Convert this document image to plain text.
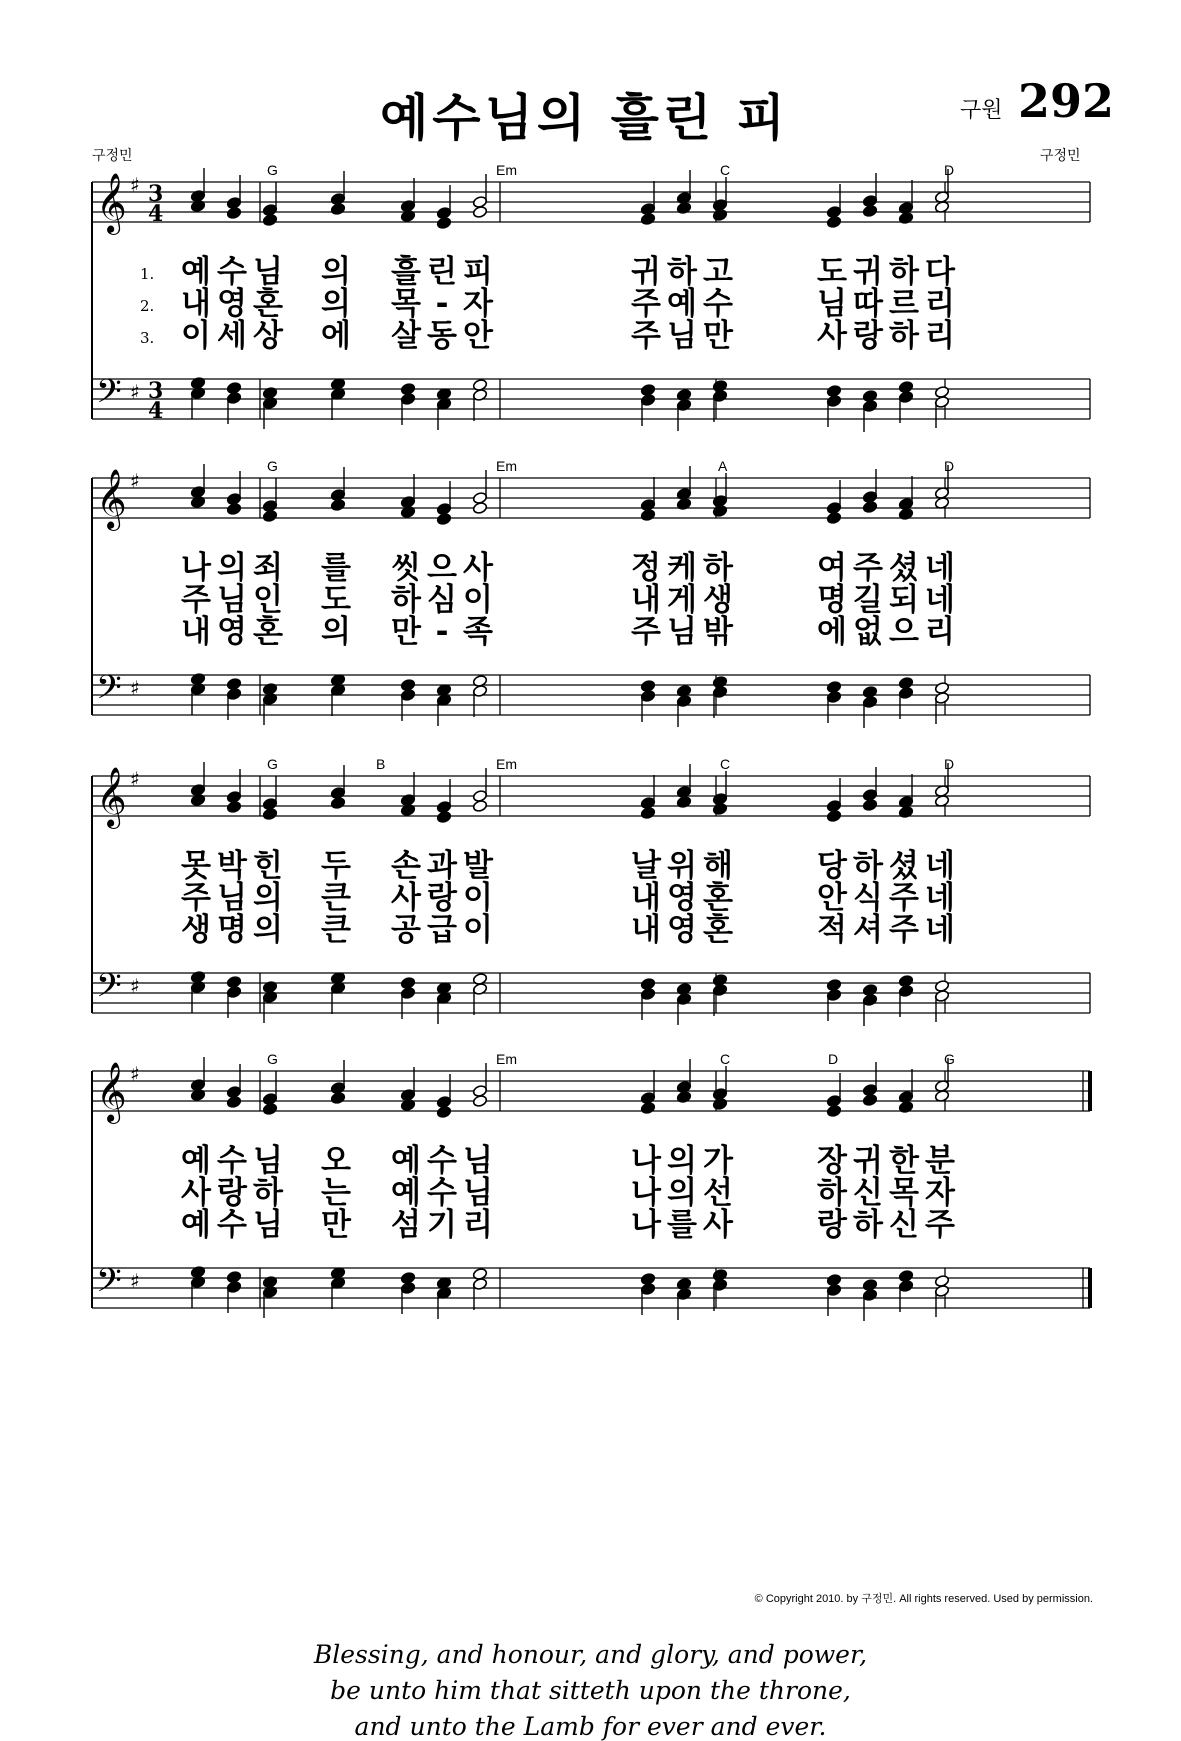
예수님의 흘린 피	구원 292
구정민	구정민
𝄞
𝄢
♯
♯
3
4
3
4
𝄞
𝄢
♯
♯
𝄞
𝄢
♯
♯
𝄞
𝄢
♯
♯
G	Em	C	D
1. 예 수 님 의 흘 린 피	귀 하 고	도 귀 하 다
2. 내 영 혼 의 목 - 자	주 예 수	님 따 르 리
3. 이 세 상 에 살 동 안	주 님 만	사 랑 하 리
G	Em	A	D
나 의 죄 를 씻 으 사	정 케 하	여 주 셨 네
주 님 인 도 하 심 이	내 게 생	명 길 되 네
내 영 혼 의 만 - 족	주 님 밖	에 없 으 리
G	B	Em	C	D
못 박 힌 두 손 과 발	날 위 해	당 하 셨 네
주 님 의 큰 사 랑 이	내 영 혼	안 식 주 네
생 명 의 큰 공 급 이	내 영 혼	적 셔 주 네
G	Em	C	D	G
예 수 님 오 예 수 님	나 의 가	장 귀 한 분
사 랑 하 는 예 수 님	나 의 선	하 신 목 자
예 수 님 만 섬 기 리	나 를 사	랑 하 신 주
© Copyright 2010. by 구정민. All rights reserved. Used by permission.
Blessing, and honour, and glory, and power,
be unto him that sitteth upon the throne,
and unto the Lamb for ever and ever.
